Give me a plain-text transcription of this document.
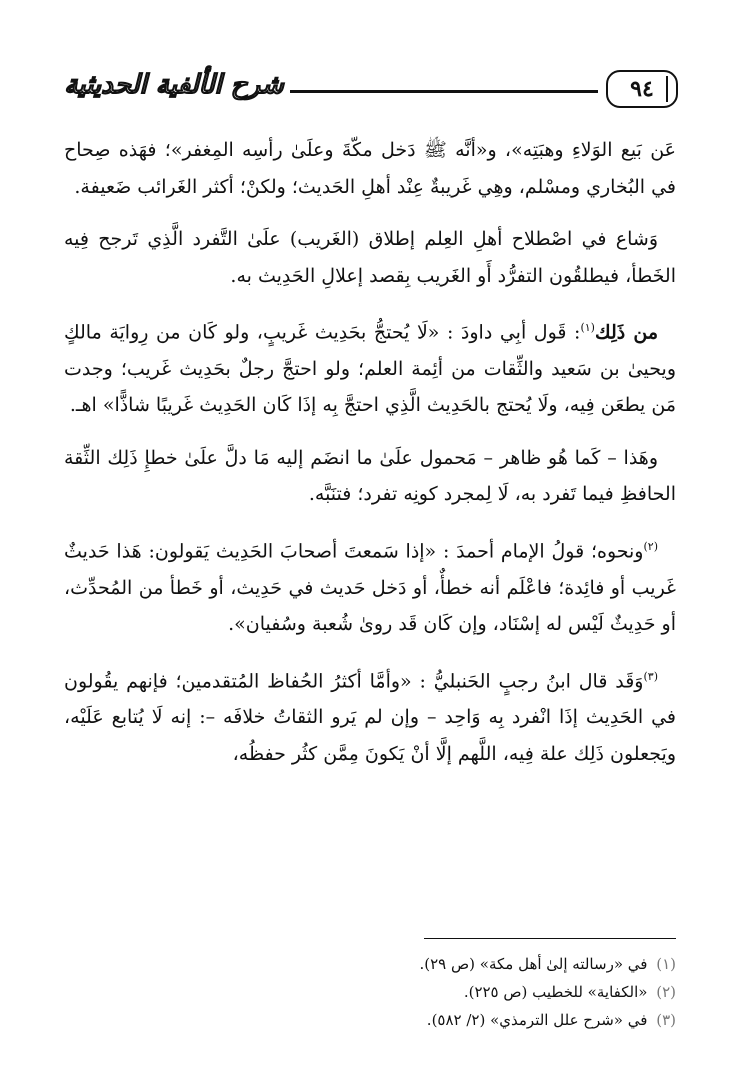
شرح الألفية الحديثية	٩٤

عَن بَيع الوَلاءِ وهبَتِه»، و«أنَّه ﷺ دَخل مكّةَ وعلَىٰ رأسِه المِغفر»؛ فهَذه صِحاح في البُخاري ومسْلم، وهِي غَريبةٌ عِنْد أهلِ الحَديث؛ ولكنْ؛ أكثر الغَرائب ضَعيفة.

وَشاع في اصْطلاح أهلِ العِلم إطلاق (الغَريب) علَىٰ التَّفرد الَّذِي تَرجح فِيه الخَطأ، فيطلقُون التفرُّد أَو الغَريب بِقصد إعلالِ الحَدِيث به.

من ذَلِك$^{(١)}$: قَول أبِي داودَ : «لَا يُحتجُّ بحَدِيث غَريبٍ، ولو كَان من رِوايَة مالكٍ ويحيىٰ بن سَعيد والثِّقات من أئِمة العلم؛ ولو احتجَّ رجلٌ بحَدِيث غَريب؛ وجدت مَن يطعَن فِيه، ولَا يُحتج بالحَدِيث الَّذِي احتجَّ بِه إذَا كَان الحَدِيث غَريبًا شاذًّا» اهـ.

وهَذا – كَما هُو ظاهر – مَحمول علَىٰ ما انضَم إليه مَا دلَّ علَىٰ خطإِ ذَلِك الثِّقة الحافظِ فيما تَفرد به، لَا لِمجرد كونِه تفرد؛ فتنَبَّه.

$^{(٢)}$ونحوه؛ قولُ الإمام أحمدَ : «إذا سَمعتَ أصحابَ الحَدِيث يَقولون: هَذا حَديثٌ غَريب أو فائِدة؛ فاعْلَم أنه خطأٌ، أو دَخل حَديث في حَدِيث، أو خَطأ من المُحدِّث، أو حَدِيثٌ لَيْس له إسْنَاد، وإن كَان قَد روىٰ شُعبة وسُفيان».

$^{(٣)}$وَقَد قال ابنُ رجبٍ الحَنبليُّ : «وأمَّا أكثرُ الحُفاظ المُتقدمين؛ فإنهم يقُولون في الحَدِيث إذَا انْفرد بِه وَاحِد – وإن لم يَرو الثقاتُ خلافَه –: إنه لَا يُتابع عَلَيْه، ويَجعلون ذَلِك علة فِيه، اللَّهم إلَّا أنْ يَكونَ مِمَّن كثُر حفظُه،

(١) في «رسالته إلىٰ أهل مكة» (ص ٢٩).
(٢) «الكفاية» للخطيب (ص ٢٢٥).
(٣) في «شرح علل الترمذي» (٢/ ٥٨٢).
